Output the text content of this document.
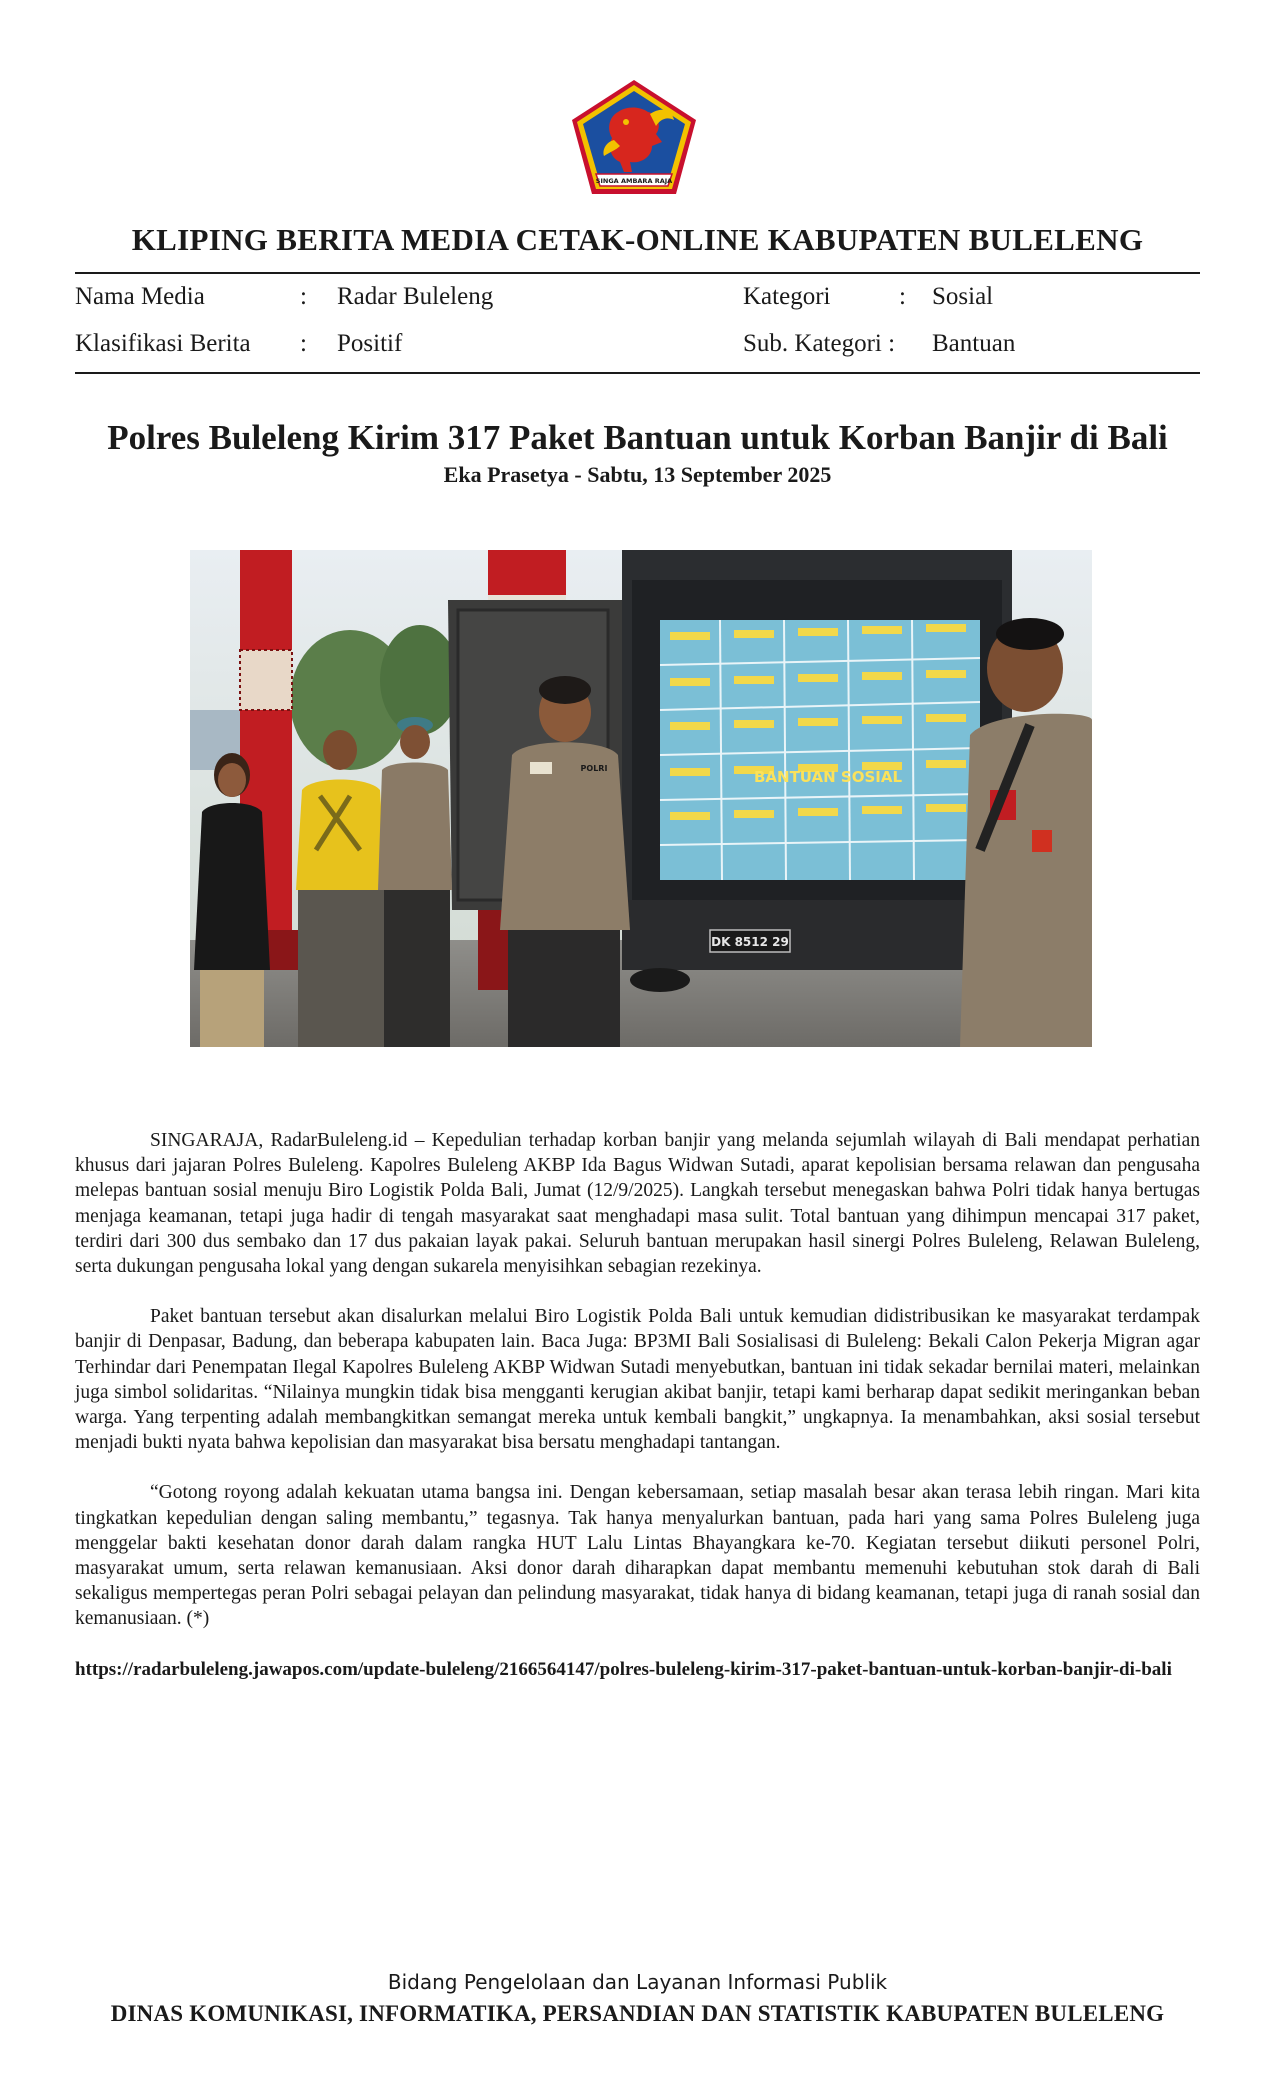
SINGA AMBARA RAJA
KLIPING BERITA MEDIA CETAK-ONLINE KABUPATEN BULELENG
Nama Media	: Radar Buleleng	Kategori	: Sosial
Klasifikasi Berita : Positif	Sub. Kategori : Bantuan
Polres Buleleng Kirim 317 Paket Bantuan untuk Korban Banjir di Bali
Eka Prasetya - Sabtu, 13 September 2025
BANTUAN SOSIAL
DK 8512 29
POLRI

SINGARAJA, RadarBuleleng.id – Kepedulian terhadap korban banjir yang melanda sejumlah wilayah di Bali mendapat perhatian khusus dari jajaran Polres Buleleng. Kapolres Buleleng AKBP Ida Bagus Widwan Sutadi, aparat kepolisian bersama relawan dan pengusaha melepas bantuan sosial menuju Biro Logistik Polda Bali, Jumat (12/9/2025). Langkah tersebut menegaskan bahwa Polri tidak hanya bertugas menjaga keamanan, tetapi juga hadir di tengah masyarakat saat menghadapi masa sulit. Total bantuan yang dihimpun mencapai 317 paket, terdiri dari 300 dus sembako dan 17 dus pakaian layak pakai. Seluruh bantuan merupakan hasil sinergi Polres Buleleng, Relawan Buleleng, serta dukungan pengusaha lokal yang dengan sukarela menyisihkan sebagian rezekinya.

Paket bantuan tersebut akan disalurkan melalui Biro Logistik Polda Bali untuk kemudian didistribusikan ke masyarakat terdampak banjir di Denpasar, Badung, dan beberapa kabupaten lain. Baca Juga: BP3MI Bali Sosialisasi di Buleleng: Bekali Calon Pekerja Migran agar Terhindar dari Penempatan Ilegal Kapolres Buleleng AKBP Widwan Sutadi menyebutkan, bantuan ini tidak sekadar bernilai materi, melainkan juga simbol solidaritas. “Nilainya mungkin tidak bisa mengganti kerugian akibat banjir, tetapi kami berharap dapat sedikit meringankan beban warga. Yang terpenting adalah membangkitkan semangat mereka untuk kembali bangkit,” ungkapnya. Ia menambahkan, aksi sosial tersebut menjadi bukti nyata bahwa kepolisian dan masyarakat bisa bersatu menghadapi tantangan.

“Gotong royong adalah kekuatan utama bangsa ini. Dengan kebersamaan, setiap masalah besar akan terasa lebih ringan. Mari kita tingkatkan kepedulian dengan saling membantu,” tegasnya. Tak hanya menyalurkan bantuan, pada hari yang sama Polres Buleleng juga menggelar bakti kesehatan donor darah dalam rangka HUT Lalu Lintas Bhayangkara ke-70. Kegiatan tersebut diikuti personel Polri, masyarakat umum, serta relawan kemanusiaan. Aksi donor darah diharapkan dapat membantu memenuhi kebutuhan stok darah di Bali sekaligus mempertegas peran Polri sebagai pelayan dan pelindung masyarakat, tidak hanya di bidang keamanan, tetapi juga di ranah sosial dan kemanusiaan. (*)

https://radarbuleleng.jawapos.com/update-buleleng/2166564147/polres-buleleng-kirim-317-paket-bantuan-untuk-korban-banjir-di-bali
Bidang Pengelolaan dan Layanan Informasi Publik
DINAS KOMUNIKASI, INFORMATIKA, PERSANDIAN DAN STATISTIK KABUPATEN BULELENG
